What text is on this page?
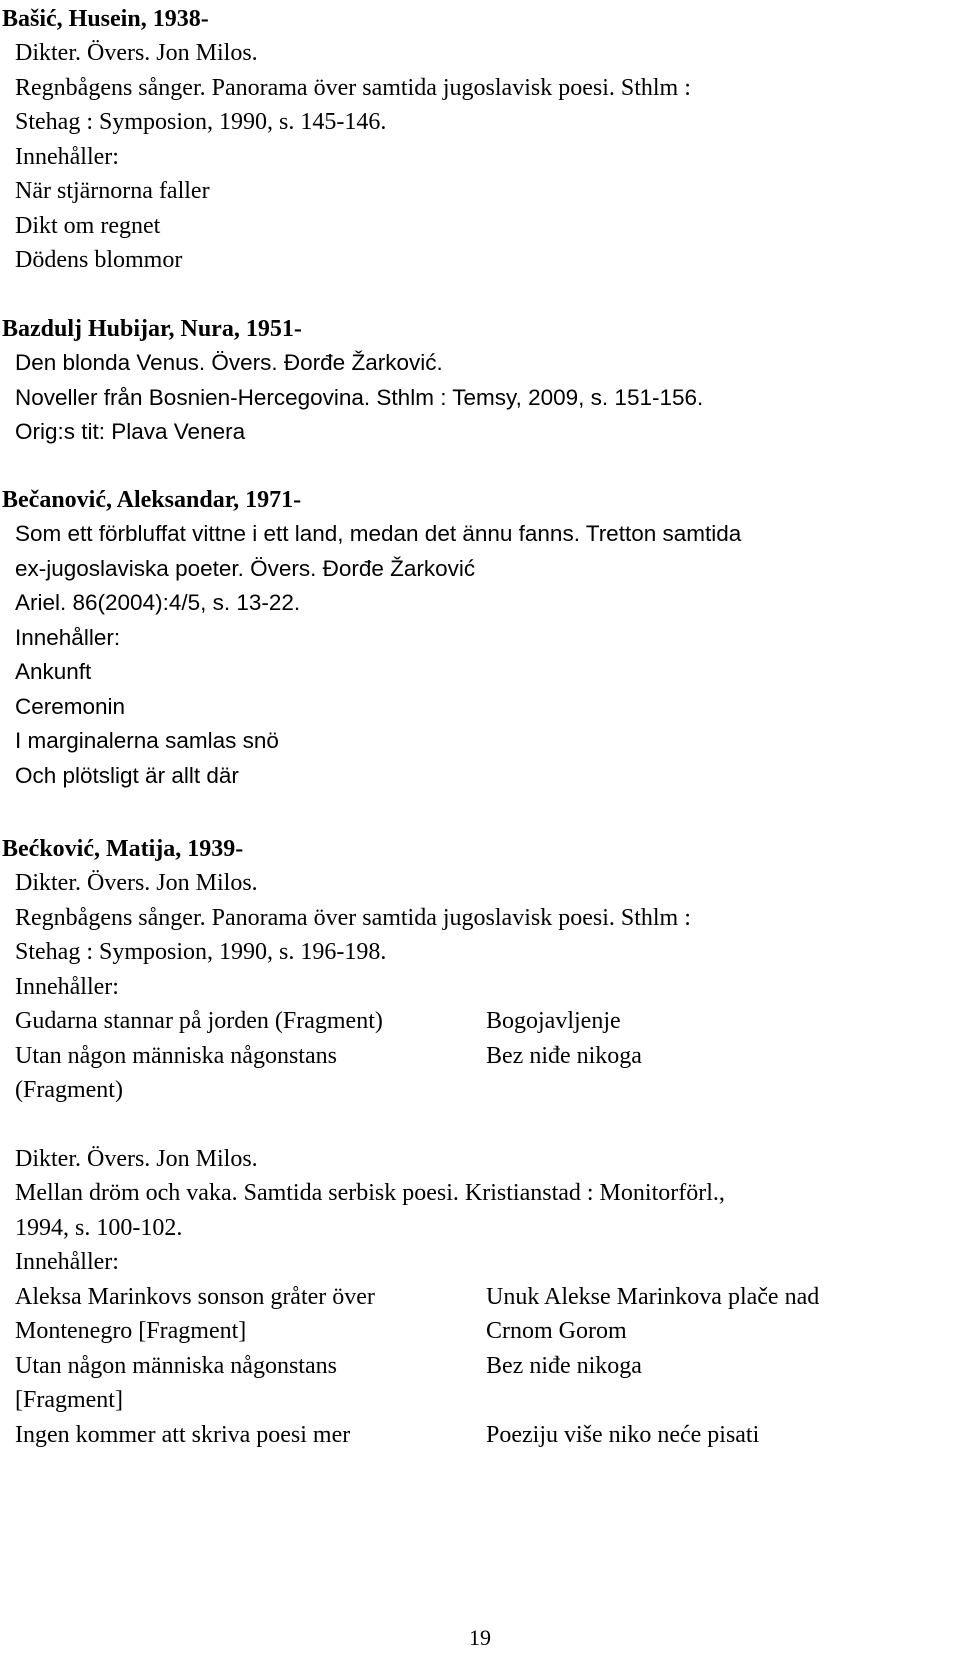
Bašić, Husein, 1938-
Dikter. Övers. Jon Milos.
Regnbågens sånger. Panorama över samtida jugoslavisk poesi. Sthlm :
Stehag : Symposion, 1990, s. 145-146.
Innehåller:
När stjärnorna faller
Dikt om regnet
Dödens blommor
Bazdulj Hubijar, Nura, 1951-
Den blonda Venus. Övers. Đorđe Žarković.
Noveller från Bosnien-Hercegovina. Sthlm : Temsy, 2009, s. 151-156.
Orig:s tit: Plava Venera
Bečanović, Aleksandar, 1971-
Som ett förbluffat vittne i ett land, medan det ännu fanns. Tretton samtida
ex-jugoslaviska poeter. Övers. Đorđe Žarković
Ariel. 86(2004):4/5, s. 13-22.
Innehåller:
Ankunft
Ceremonin
I marginalerna samlas snö
Och plötsligt är allt där
Bećković, Matija, 1939-
Dikter. Övers. Jon Milos.
Regnbågens sånger. Panorama över samtida jugoslavisk poesi. Sthlm :
Stehag : Symposion, 1990, s. 196-198.
Innehåller:
Gudarna stannar på jorden (Fragment)	Bogojavljenje
Utan någon människa någonstans	Bez niđe nikoga
(Fragment)
Dikter. Övers. Jon Milos.
Mellan dröm och vaka. Samtida serbisk poesi. Kristianstad : Monitorförl.,
1994, s. 100-102.
Innehåller:
Aleksa Marinkovs sonson gråter över	Unuk Alekse Marinkova plače nad
Montenegro [Fragment]	Crnom Gorom
Utan någon människa någonstans	Bez niđe nikoga
[Fragment]
Ingen kommer att skriva poesi mer	Poeziju više niko neće pisati
19
